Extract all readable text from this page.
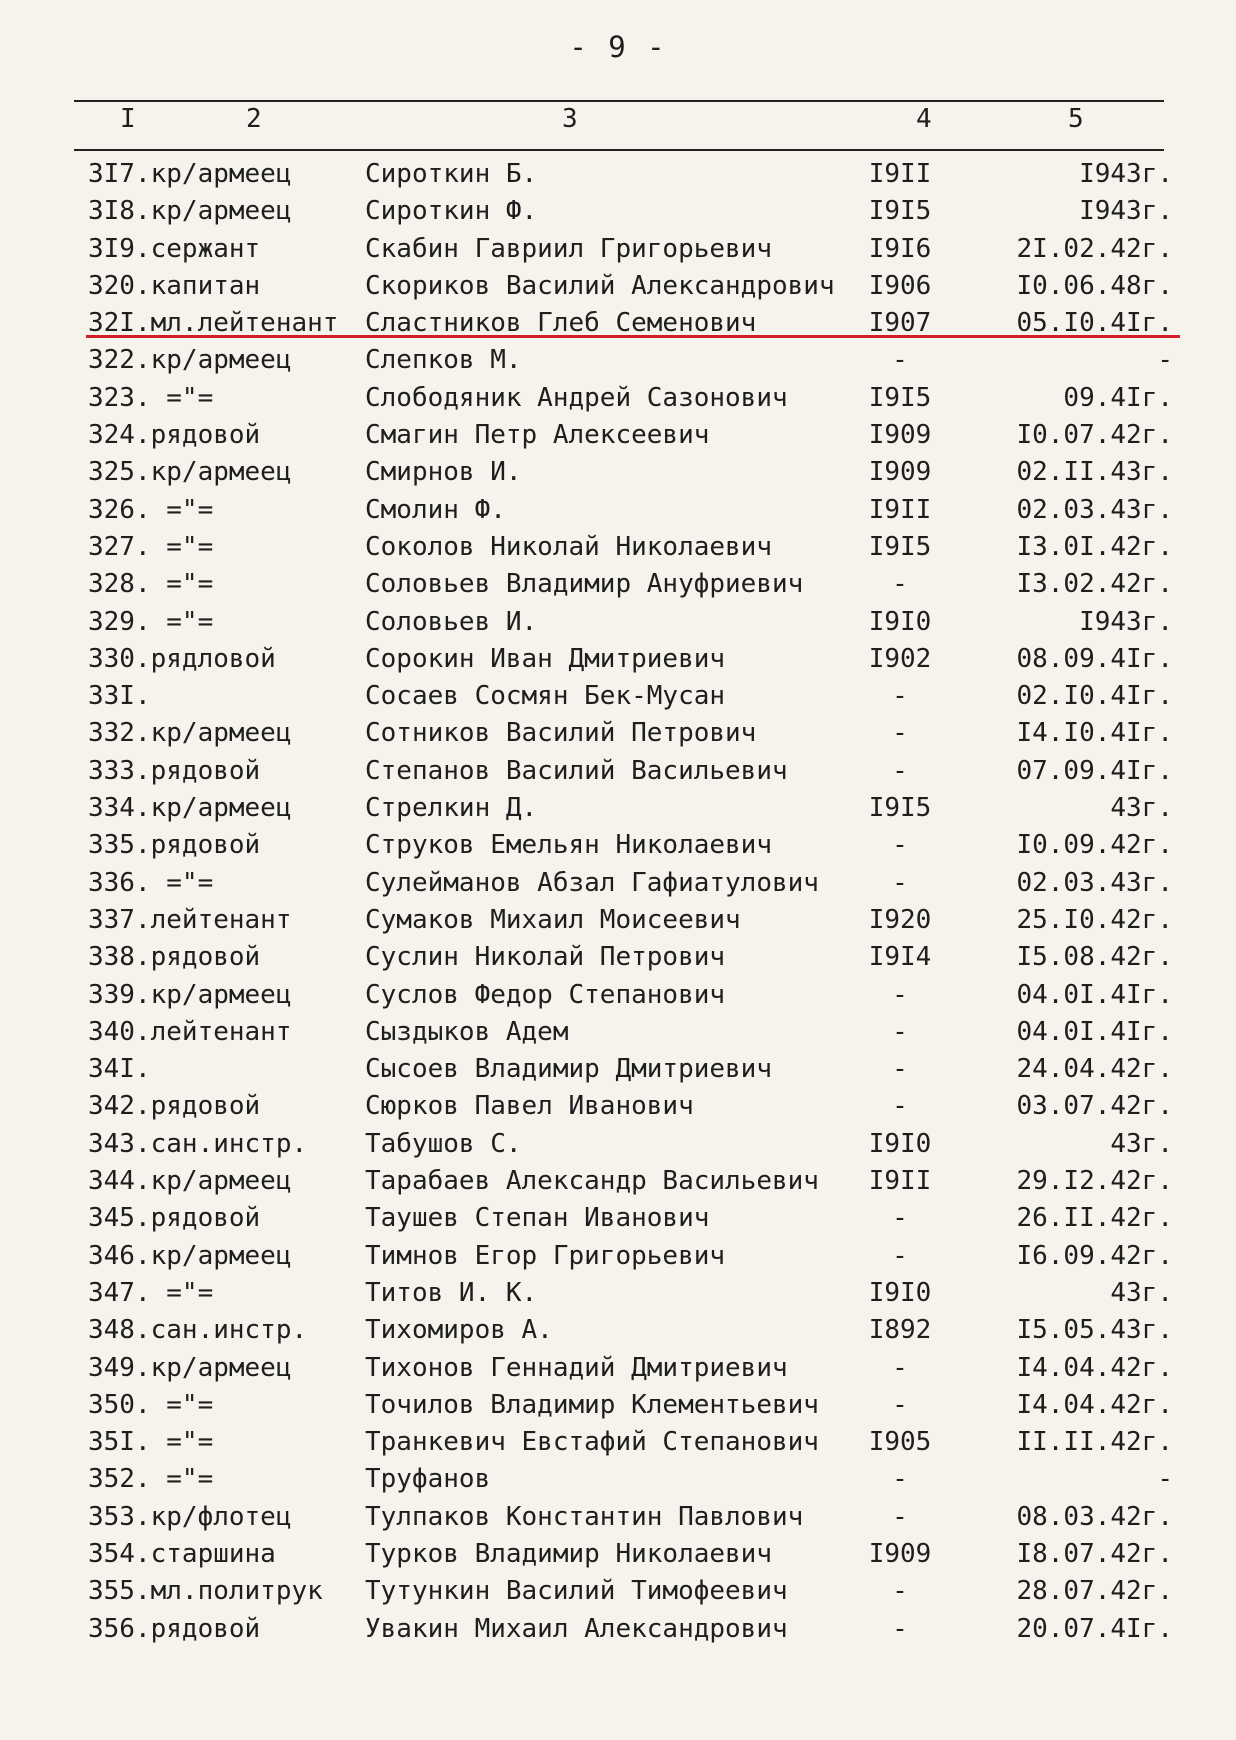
- 9 -
I	2	3	4	5
3I7.кр/армеец	Сироткин Б.	I9II	I943г.
3I8.кр/армеец	Сироткин Ф.	I9I5	I943г.
3I9.сержант	Скабин Гавриил Григорьевич	I9I6	2I.02.42г.
320.капитан	Скориков Василий Александрович	I906	I0.06.48г.
32I.мл.лейтенант Сластников Глеб Семенович	I907	05.I0.4Iг.
322.кр/армеец	Слепков М.	-	-
323. ="=	Слободяник Андрей Сазонович	I9I5	09.4Iг.
324.рядовой	Смагин Петр Алексеевич	I909	I0.07.42г.
325.кр/армеец	Смирнов И.	I909	02.II.43г.
326. ="=	Смолин Ф.	I9II	02.03.43г.
327. ="=	Соколов Николай Николаевич	I9I5	I3.0I.42г.
328. ="=	Соловьев Владимир Ануфриевич	-	I3.02.42г.
329. ="=	Соловьев И.	I9I0	I943г.
330.рядловой	Сорокин Иван Дмитриевич	I902	08.09.4Iг.
33I.	Сосаев Сосмян Бек-Мусан	-	02.I0.4Iг.
332.кр/армеец	Сотников Василий Петрович	-	I4.I0.4Iг.
333.рядовой	Степанов Василий Васильевич	-	07.09.4Iг.
334.кр/армеец	Стрелкин Д.	I9I5	43г.
335.рядовой	Струков Емельян Николаевич	-	I0.09.42г.
336. ="=	Сулейманов Абзал Гафиатулович	-	02.03.43г.
337.лейтенант	Сумаков Михаил Моисеевич	I920	25.I0.42г.
338.рядовой	Суслин Николай Петрович	I9I4	I5.08.42г.
339.кр/армеец	Суслов Федор Степанович	-	04.0I.4Iг.
340.лейтенант	Сыздыков Адем	-	04.0I.4Iг.
34I.	Сысоев Владимир Дмитриевич	-	24.04.42г.
342.рядовой	Сюрков Павел Иванович	-	03.07.42г.
343.сан.инстр. Табушов С.	I9I0	43г.
344.кр/армеец	Тарабаев Александр Васильевич	I9II	29.I2.42г.
345.рядовой	Таушев Степан Иванович	-	26.II.42г.
346.кр/армеец	Тимнов Егор Григорьевич	-	I6.09.42г.
347. ="=	Титов И. К.	I9I0	43г.
348.сан.инстр. Тихомиров А.	I892	I5.05.43г.
349.кр/армеец	Тихонов Геннадий Дмитриевич	-	I4.04.42г.
350. ="=	Точилов Владимир Клементьевич	-	I4.04.42г.
35I. ="=	Транкевич Евстафий Степанович	I905	II.II.42г.
352. ="=	Труфанов	-	-
353.кр/флотец	Тулпаков Константин Павлович	-	08.03.42г.
354.старшина	Турков Владимир Николаевич	I909	I8.07.42г.
355.мл.политрук Тутункин Василий Тимофеевич	-	28.07.42г.
356.рядовой	Увакин Михаил Александрович	-	20.07.4Iг.
